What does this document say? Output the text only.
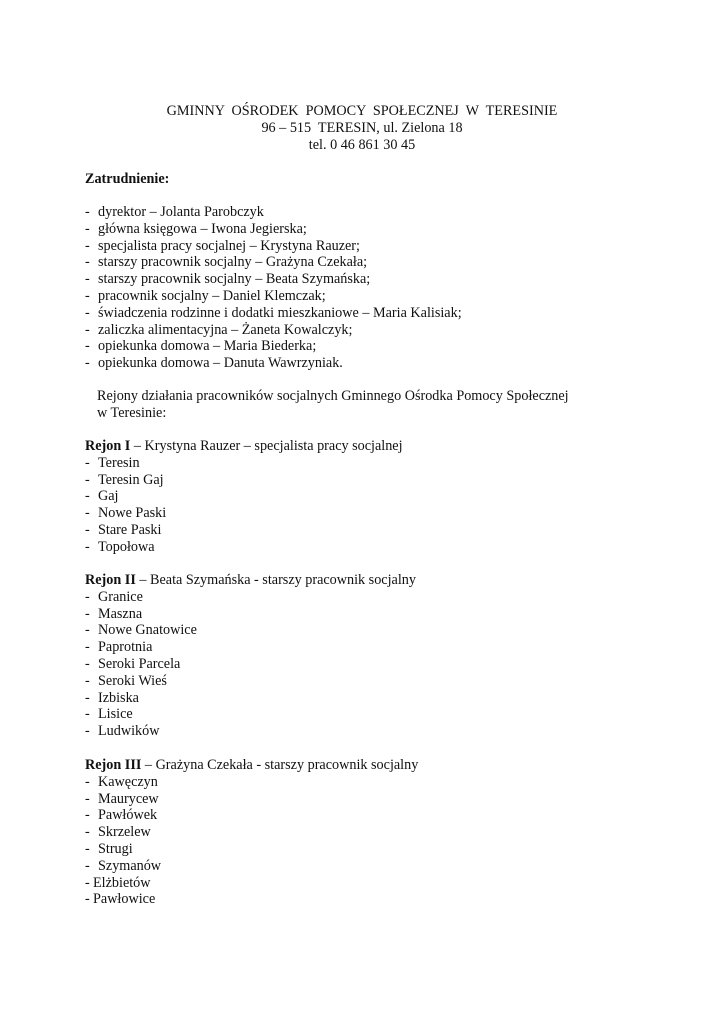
GMINNY  OŚRODEK  POMOCY  SPOŁECZNEJ  W  TERESINIE
96 – 515  TERESIN, ul. Zielona 18
tel. 0 46 861 30 45
Zatrudnienie:
- dyrektor – Jolanta Parobczyk
- główna księgowa – Iwona Jegierska;
- specjalista pracy socjalnej – Krystyna Rauzer;
- starszy pracownik socjalny – Grażyna Czekała;
- starszy pracownik socjalny – Beata Szymańska;
- pracownik socjalny – Daniel Klemczak;
- świadczenia rodzinne i dodatki mieszkaniowe – Maria Kalisiak;
- zaliczka alimentacyjna – Żaneta Kowalczyk;
- opiekunka domowa – Maria Biederka;
- opiekunka domowa – Danuta Wawrzyniak.
Rejony działania pracowników socjalnych Gminnego Ośrodka Pomocy Społecznej
w Teresinie:
Rejon I – Krystyna Rauzer – specjalista pracy socjalnej
- Teresin
- Teresin Gaj
- Gaj
- Nowe Paski
- Stare Paski
- Topołowa
Rejon II – Beata Szymańska - starszy pracownik socjalny
- Granice
- Maszna
- Nowe Gnatowice
- Paprotnia
- Seroki Parcela
- Seroki Wieś
- Izbiska
- Lisice
- Ludwików
Rejon III – Grażyna Czekała - starszy pracownik socjalny
- Kawęczyn
- Maurycew
- Pawłówek
- Skrzelew
- Strugi
- Szymanów
- Elżbietów
- Pawłowice
